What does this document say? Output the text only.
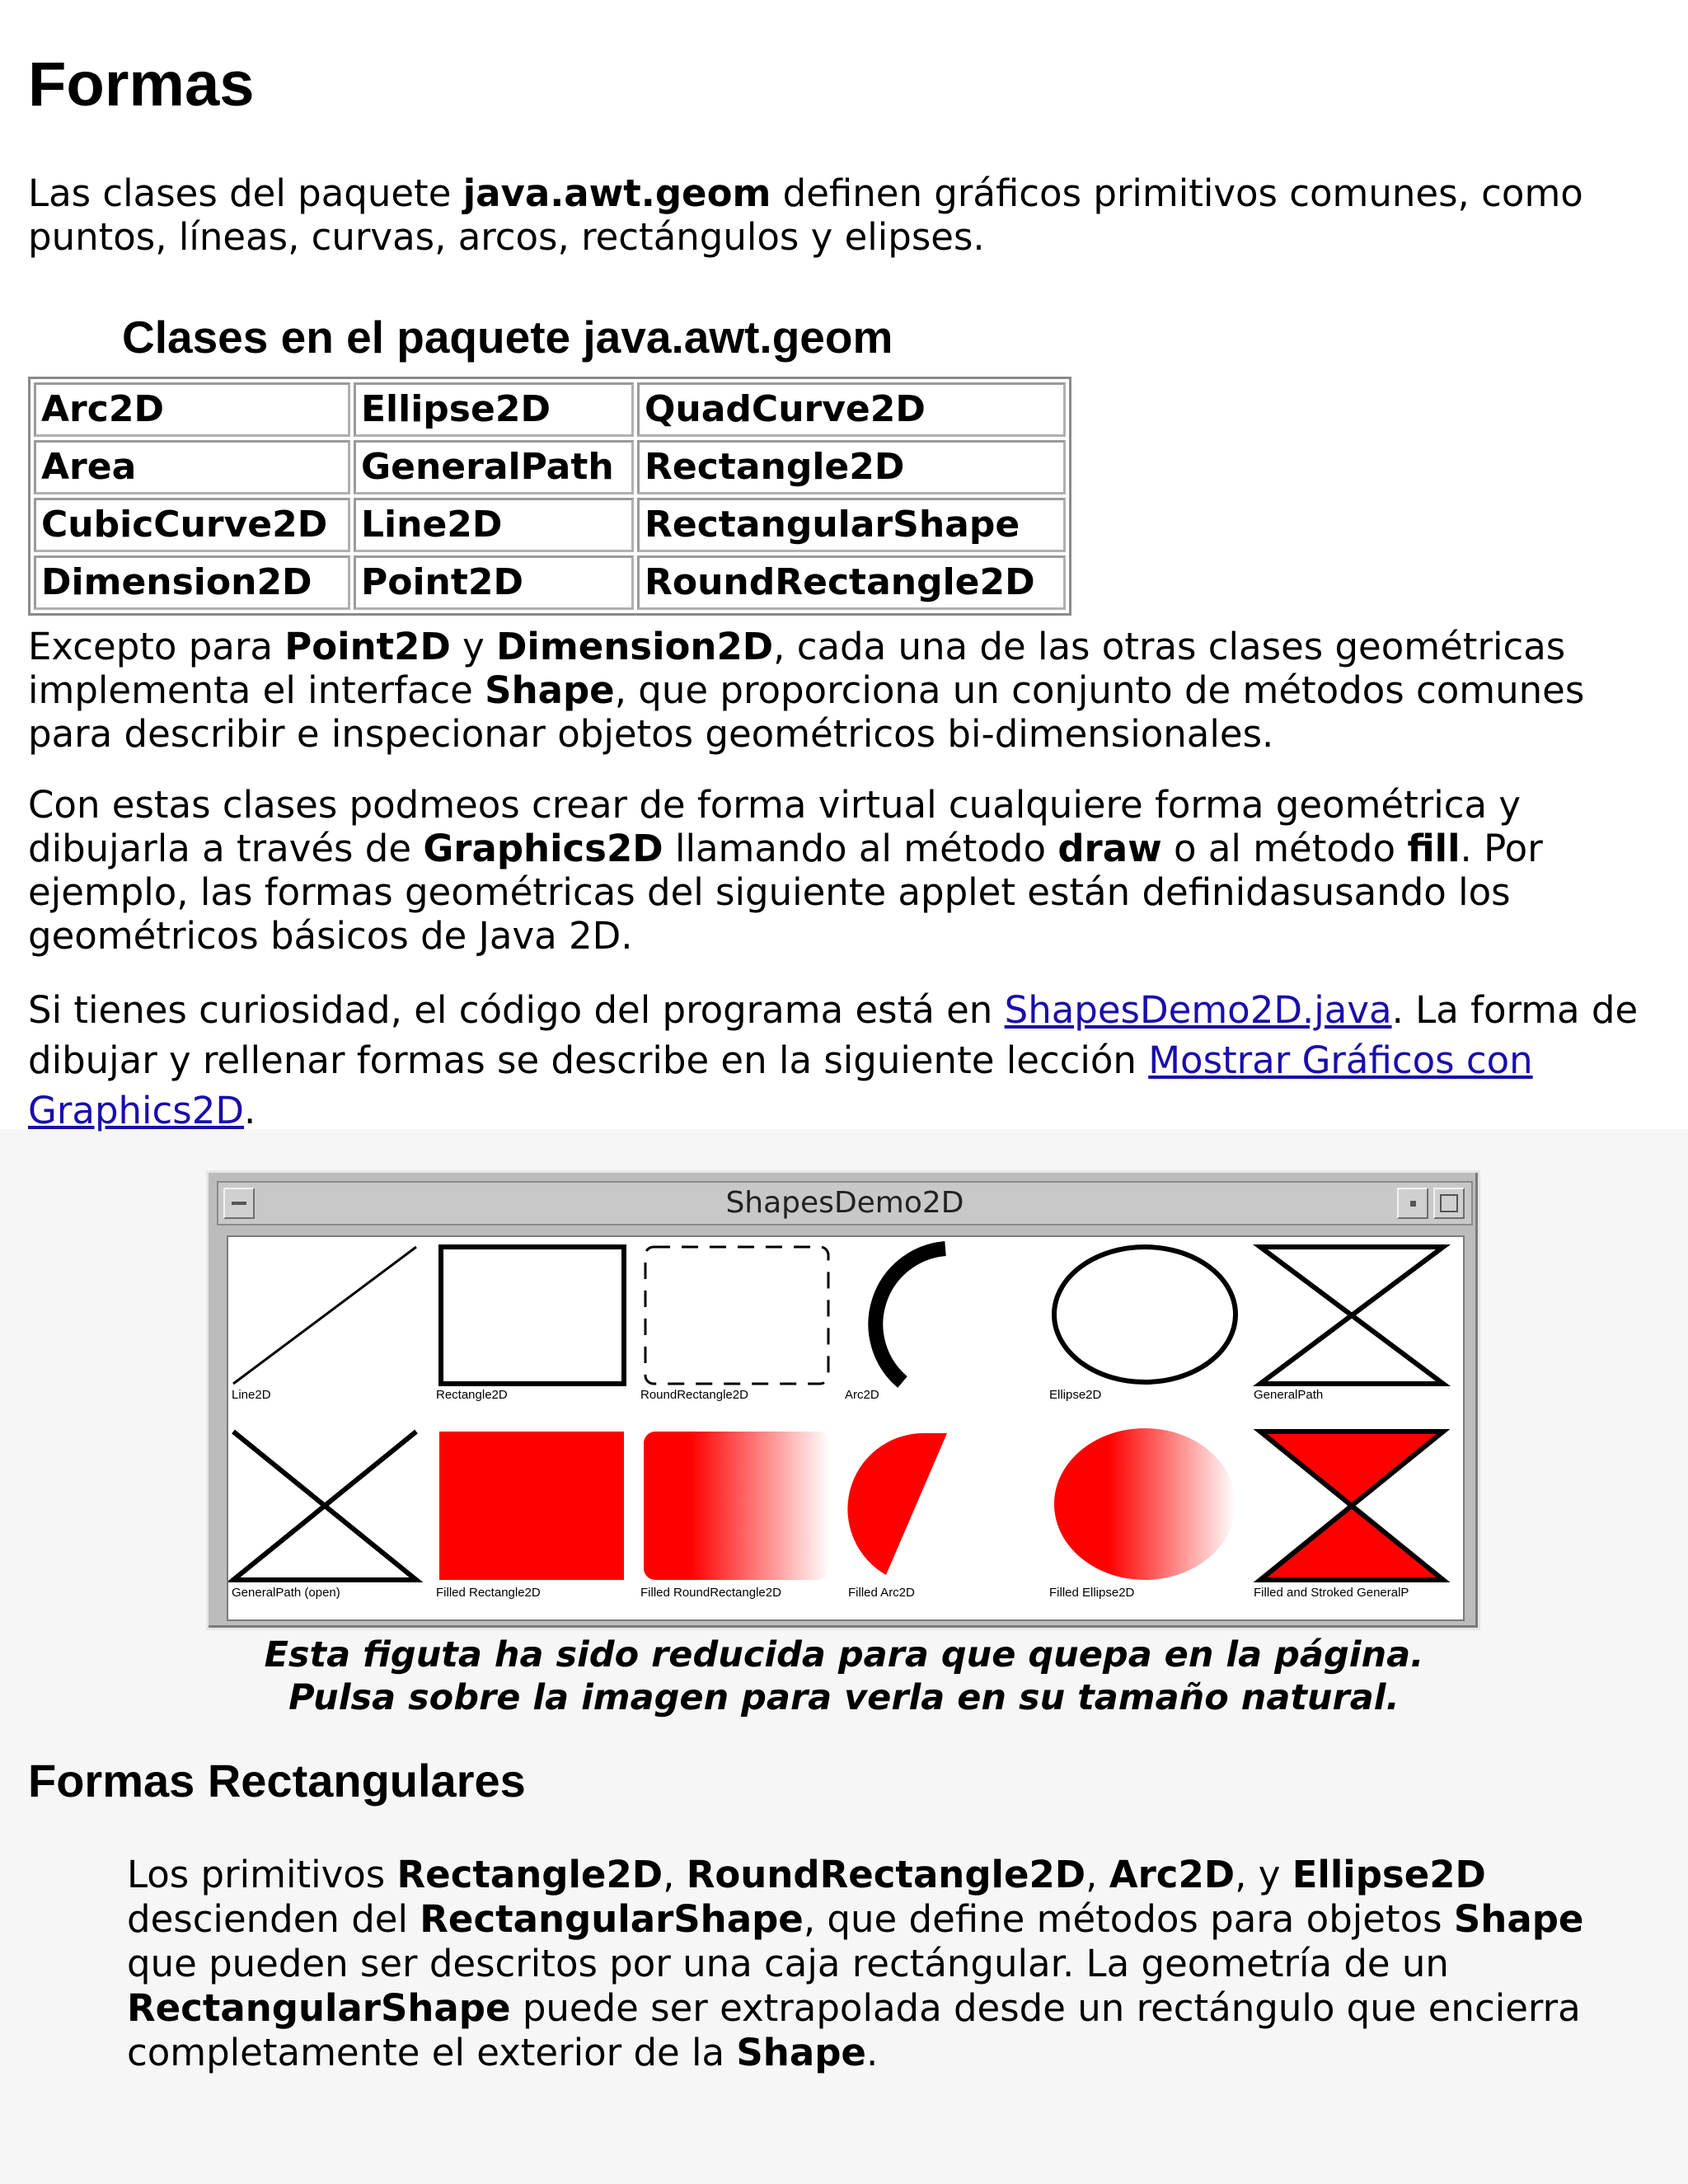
Formas

Las clases del paquete java.awt.geom definen gráficos primitivos comunes, como puntos, líneas, curvas, arcos, rectángulos y elipses.

Clases en el paquete java.awt.geom
Arc2D	Ellipse2D	QuadCurve2D
Area	GeneralPath	Rectangle2D
CubicCurve2D	Line2D	RectangularShape
Dimension2D	Point2D	RoundRectangle2D

Excepto para Point2D y Dimension2D, cada una de las otras clases geométricas implementa el interface Shape, que proporciona un conjunto de métodos comunes para describir e inspecionar objetos geométricos bi-dimensionales.

Con estas clases podmeos crear de forma virtual cualquiere forma geométrica y dibujarla a través de Graphics2D llamando al método draw o al método fill. Por ejemplo, las formas geométricas del siguiente applet están definidasusando los geométricos básicos de Java 2D.

Si tienes curiosidad, el código del programa está en ShapesDemo2D.java. La forma de dibujar y rellenar formas se describe en la siguiente lección Mostrar Gráficos con Graphics2D.

ShapesDemo2D
Line2D	Rectangle2D	RoundRectangle2D	Arc2D	Ellipse2D	GeneralPath
GeneralPath (open)	Filled Rectangle2D	Filled RoundRectangle2D	Filled Arc2D	Filled Ellipse2D	Filled and Stroked GeneralP

Esta figuta ha sido reducida para que quepa en la página.

Pulsa sobre la imagen para verla en su tamaño natural.

Formas Rectangulares

Los primitivos Rectangle2D, RoundRectangle2D, Arc2D, y Ellipse2D descienden del RectangularShape, que define métodos para objetos Shape que pueden ser descritos por una caja rectángular. La geometría de un RectangularShape puede ser extrapolada desde un rectángulo que encierra completamente el exterior de la Shape.
